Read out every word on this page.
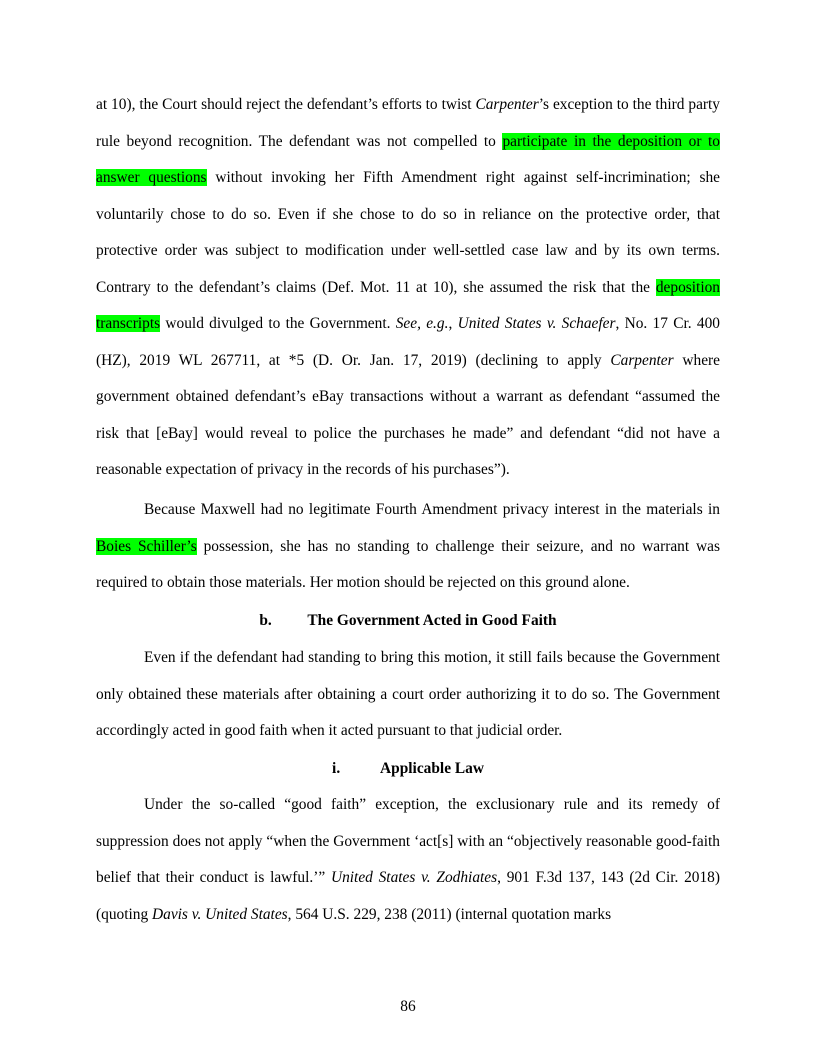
at 10), the Court should reject the defendant’s efforts to twist Carpenter’s exception to the third party rule beyond recognition. The defendant was not compelled to participate in the deposition or to answer questions without invoking her Fifth Amendment right against self-incrimination; she voluntarily chose to do so. Even if she chose to do so in reliance on the protective order, that protective order was subject to modification under well-settled case law and by its own terms. Contrary to the defendant’s claims (Def. Mot. 11 at 10), she assumed the risk that the deposition transcripts would divulged to the Government. See, e.g., United States v. Schaefer, No. 17 Cr. 400 (HZ), 2019 WL 267711, at *5 (D. Or. Jan. 17, 2019) (declining to apply Carpenter where government obtained defendant’s eBay transactions without a warrant as defendant “assumed the risk that [eBay] would reveal to police the purchases he made” and defendant “did not have a reasonable expectation of privacy in the records of his purchases”).

Because Maxwell had no legitimate Fourth Amendment privacy interest in the materials in Boies Schiller’s possession, she has no standing to challenge their seizure, and no warrant was required to obtain those materials. Her motion should be rejected on this ground alone.

b. The Government Acted in Good Faith

Even if the defendant had standing to bring this motion, it still fails because the Government only obtained these materials after obtaining a court order authorizing it to do so. The Government accordingly acted in good faith when it acted pursuant to that judicial order.

i.	Applicable Law

Under the so-called “good faith” exception, the exclusionary rule and its remedy of suppression does not apply “when the Government ‘act[s] with an “objectively reasonable good-faith belief that their conduct is lawful.’” United States v. Zodhiates, 901 F.3d 137, 143 (2d Cir. 2018) (quoting Davis v. United States, 564 U.S. 229, 238 (2011) (internal quotation marks

86
